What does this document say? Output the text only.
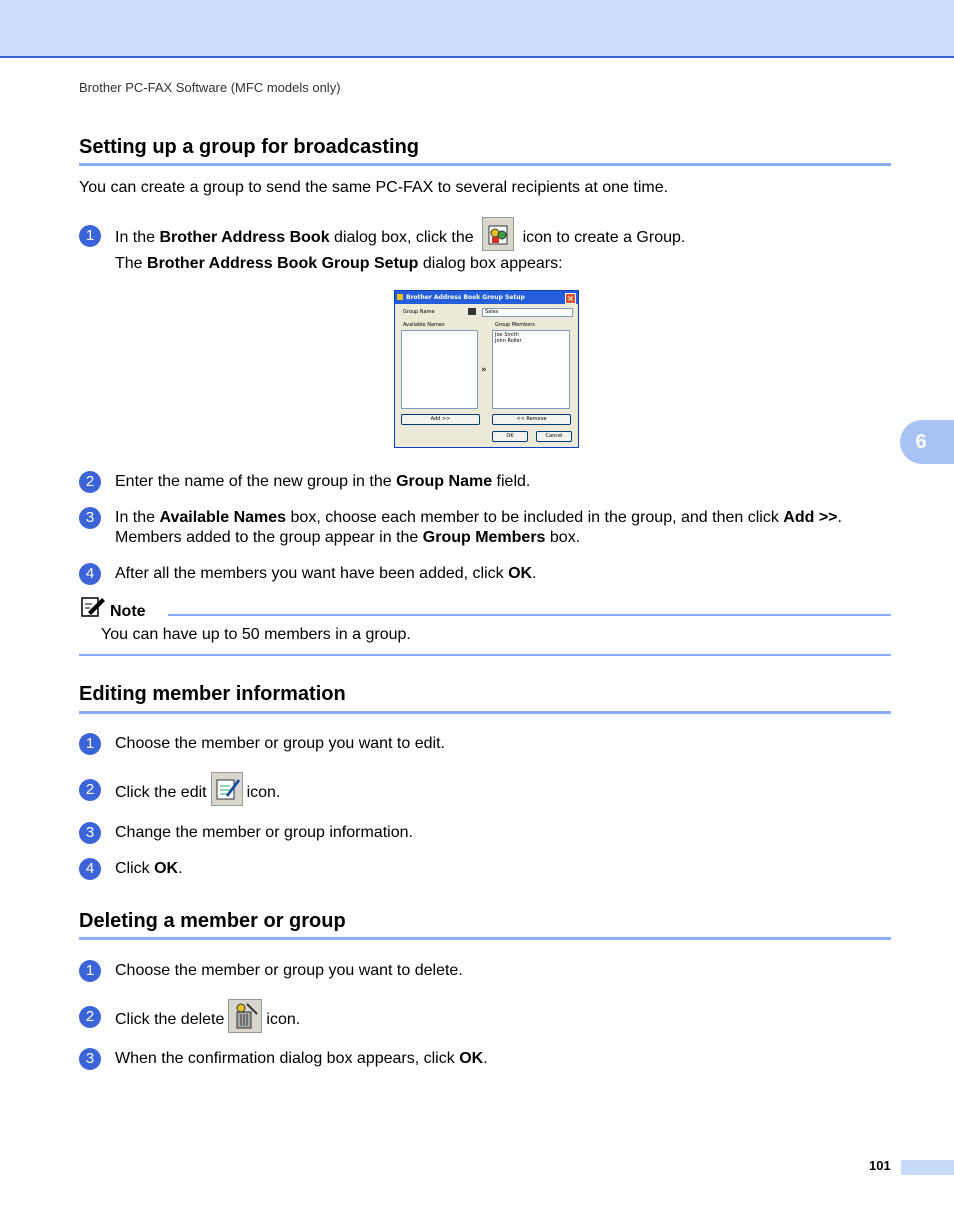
Brother PC-FAX Software (MFC models only)
6
Setting up a group for broadcasting
You can create a group to send the same PC-FAX to several recipients at one time.
1	In the Brother Address Book dialog box, click the	icon to create a Group.
The Brother Address Book Group Setup dialog box appears:
Brother Address Book Group Setup	×
Group Name	Sales
Available Names	Group Members
»
Joe Smith
John Roller
Add >>	<< Remove
OK	Cancel
2	Enter the name of the new group in the Group Name field.
3	In the Available Names box, choose each member to be included in the group, and then click Add >>.
Members added to the group appear in the Group Members box.
4	After all the members you want have been added, click OK.
Note
You can have up to 50 members in a group.
Editing member information
1	Choose the member or group you want to edit.
2	Click the edit	icon.
3	Change the member or group information.
4	Click OK.
Deleting a member or group
1	Choose the member or group you want to delete.
2	Click the delete	icon.
3	When the confirmation dialog box appears, click OK.
101
